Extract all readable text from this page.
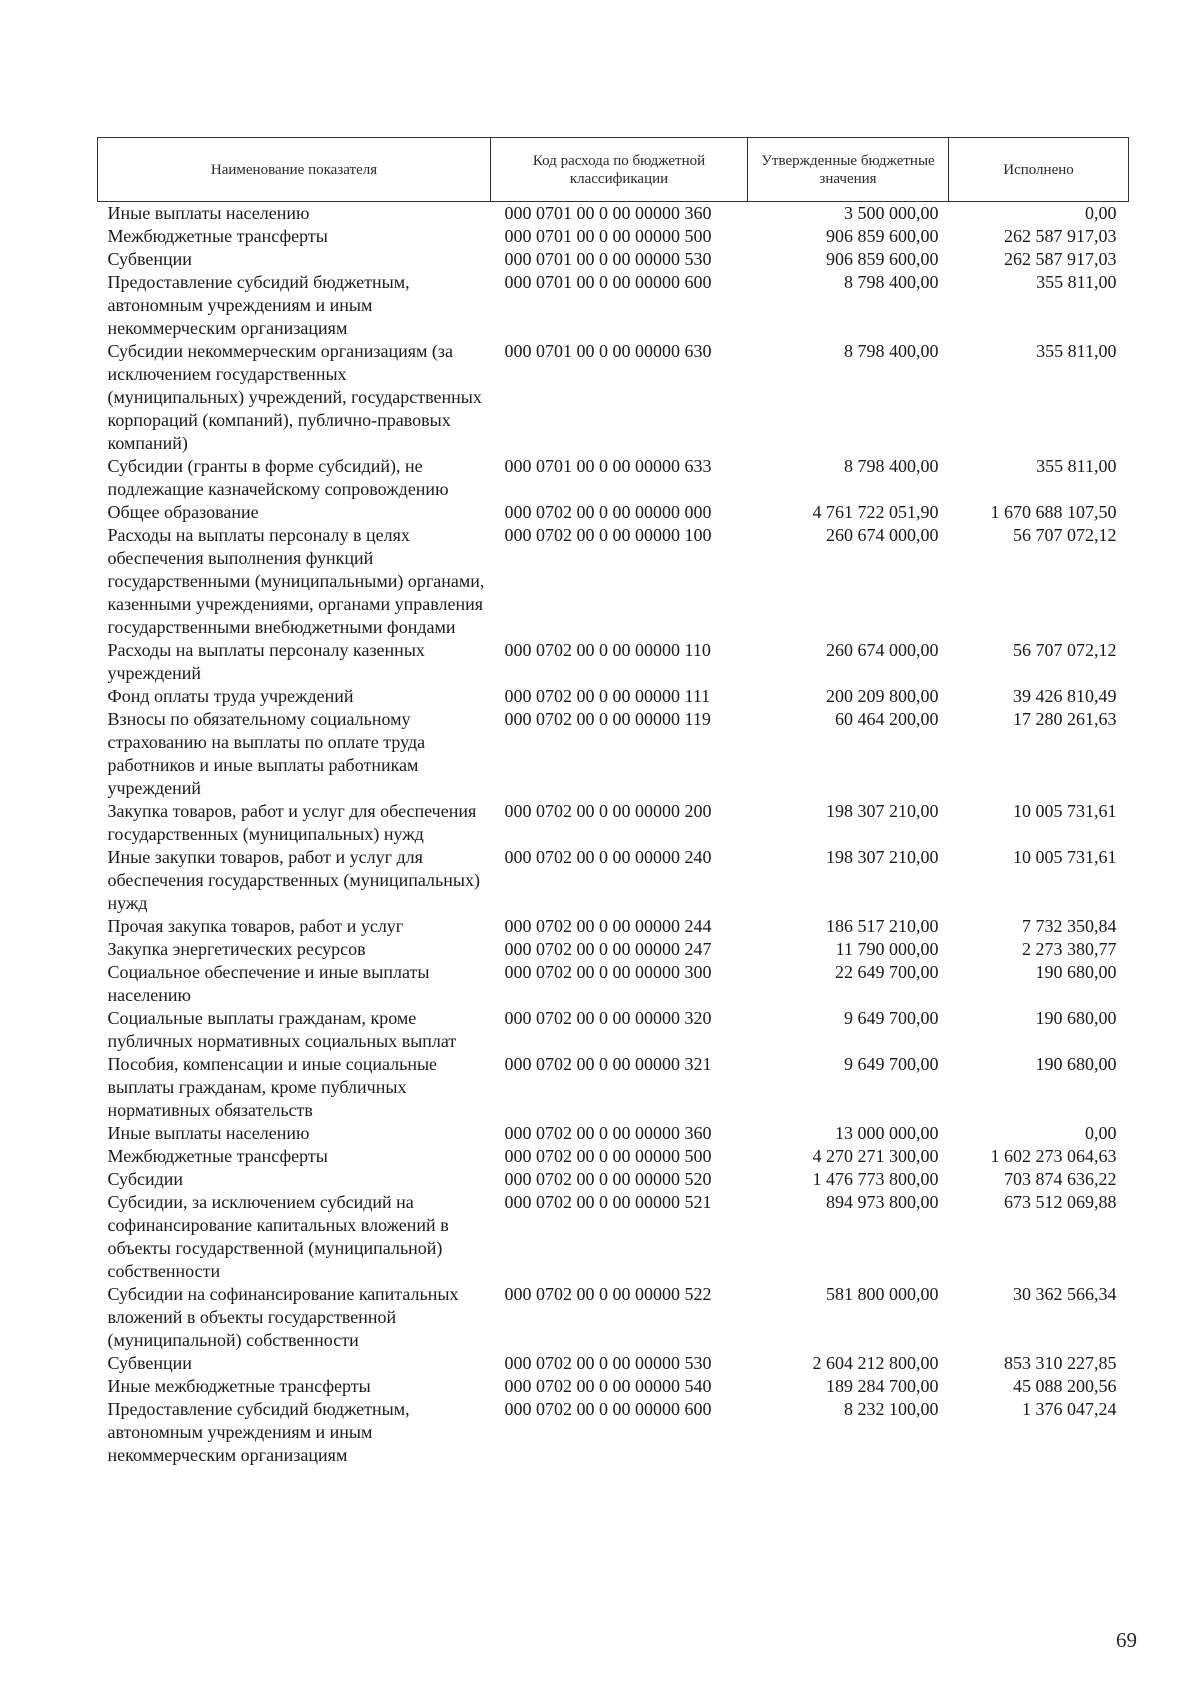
Наименование показателя	Код расхода по бюджетной классификации	Утвержденные бюджетные значения	Исполнено
Иные выплаты населению	000 0701 00 0 00 00000 360	3 500 000,00	0,00
Межбюджетные трансферты	000 0701 00 0 00 00000 500	906 859 600,00	262 587 917,03
Субвенции	000 0701 00 0 00 00000 530	906 859 600,00	262 587 917,03
Предоставление субсидий бюджетным, автономным учреждениям и иным некоммерческим организациям	000 0701 00 0 00 00000 600	8 798 400,00	355 811,00
Субсидии некоммерческим организациям (за исключением государственных (муниципальных) учреждений, государственных корпораций (компаний), публично-правовых компаний)	000 0701 00 0 00 00000 630	8 798 400,00	355 811,00
Субсидии (гранты в форме субсидий), не подлежащие казначейскому сопровождению	000 0701 00 0 00 00000 633	8 798 400,00	355 811,00
Общее образование	000 0702 00 0 00 00000 000	4 761 722 051,90	1 670 688 107,50
Расходы на выплаты персоналу в целях обеспечения выполнения функций государственными (муниципальными) органами, казенными учреждениями, органами управления государственными внебюджетными фондами	000 0702 00 0 00 00000 100	260 674 000,00	56 707 072,12
Расходы на выплаты персоналу казенных учреждений	000 0702 00 0 00 00000 110	260 674 000,00	56 707 072,12
Фонд оплаты труда учреждений	000 0702 00 0 00 00000 111	200 209 800,00	39 426 810,49
Взносы по обязательному социальному страхованию на выплаты по оплате труда работников и иные выплаты работникам учреждений	000 0702 00 0 00 00000 119	60 464 200,00	17 280 261,63
Закупка товаров, работ и услуг для обеспечения государственных (муниципальных) нужд	000 0702 00 0 00 00000 200	198 307 210,00	10 005 731,61
Иные закупки товаров, работ и услуг для обеспечения государственных (муниципальных) нужд	000 0702 00 0 00 00000 240	198 307 210,00	10 005 731,61
Прочая закупка товаров, работ и услуг	000 0702 00 0 00 00000 244	186 517 210,00	7 732 350,84
Закупка энергетических ресурсов	000 0702 00 0 00 00000 247	11 790 000,00	2 273 380,77
Социальное обеспечение и иные выплаты населению	000 0702 00 0 00 00000 300	22 649 700,00	190 680,00
Социальные выплаты гражданам, кроме публичных нормативных социальных выплат	000 0702 00 0 00 00000 320	9 649 700,00	190 680,00
Пособия, компенсации и иные социальные выплаты гражданам, кроме публичных нормативных обязательств	000 0702 00 0 00 00000 321	9 649 700,00	190 680,00
Иные выплаты населению	000 0702 00 0 00 00000 360	13 000 000,00	0,00
Межбюджетные трансферты	000 0702 00 0 00 00000 500	4 270 271 300,00	1 602 273 064,63
Субсидии	000 0702 00 0 00 00000 520	1 476 773 800,00	703 874 636,22
Субсидии, за исключением субсидий на софинансирование капитальных вложений в объекты государственной (муниципальной) собственности	000 0702 00 0 00 00000 521	894 973 800,00	673 512 069,88
Субсидии на софинансирование капитальных вложений в объекты государственной (муниципальной) собственности	000 0702 00 0 00 00000 522	581 800 000,00	30 362 566,34
Субвенции	000 0702 00 0 00 00000 530	2 604 212 800,00	853 310 227,85
Иные межбюджетные трансферты	000 0702 00 0 00 00000 540	189 284 700,00	45 088 200,56
Предоставление субсидий бюджетным, автономным учреждениям и иным некоммерческим организациям	000 0702 00 0 00 00000 600	8 232 100,00	1 376 047,24
69
